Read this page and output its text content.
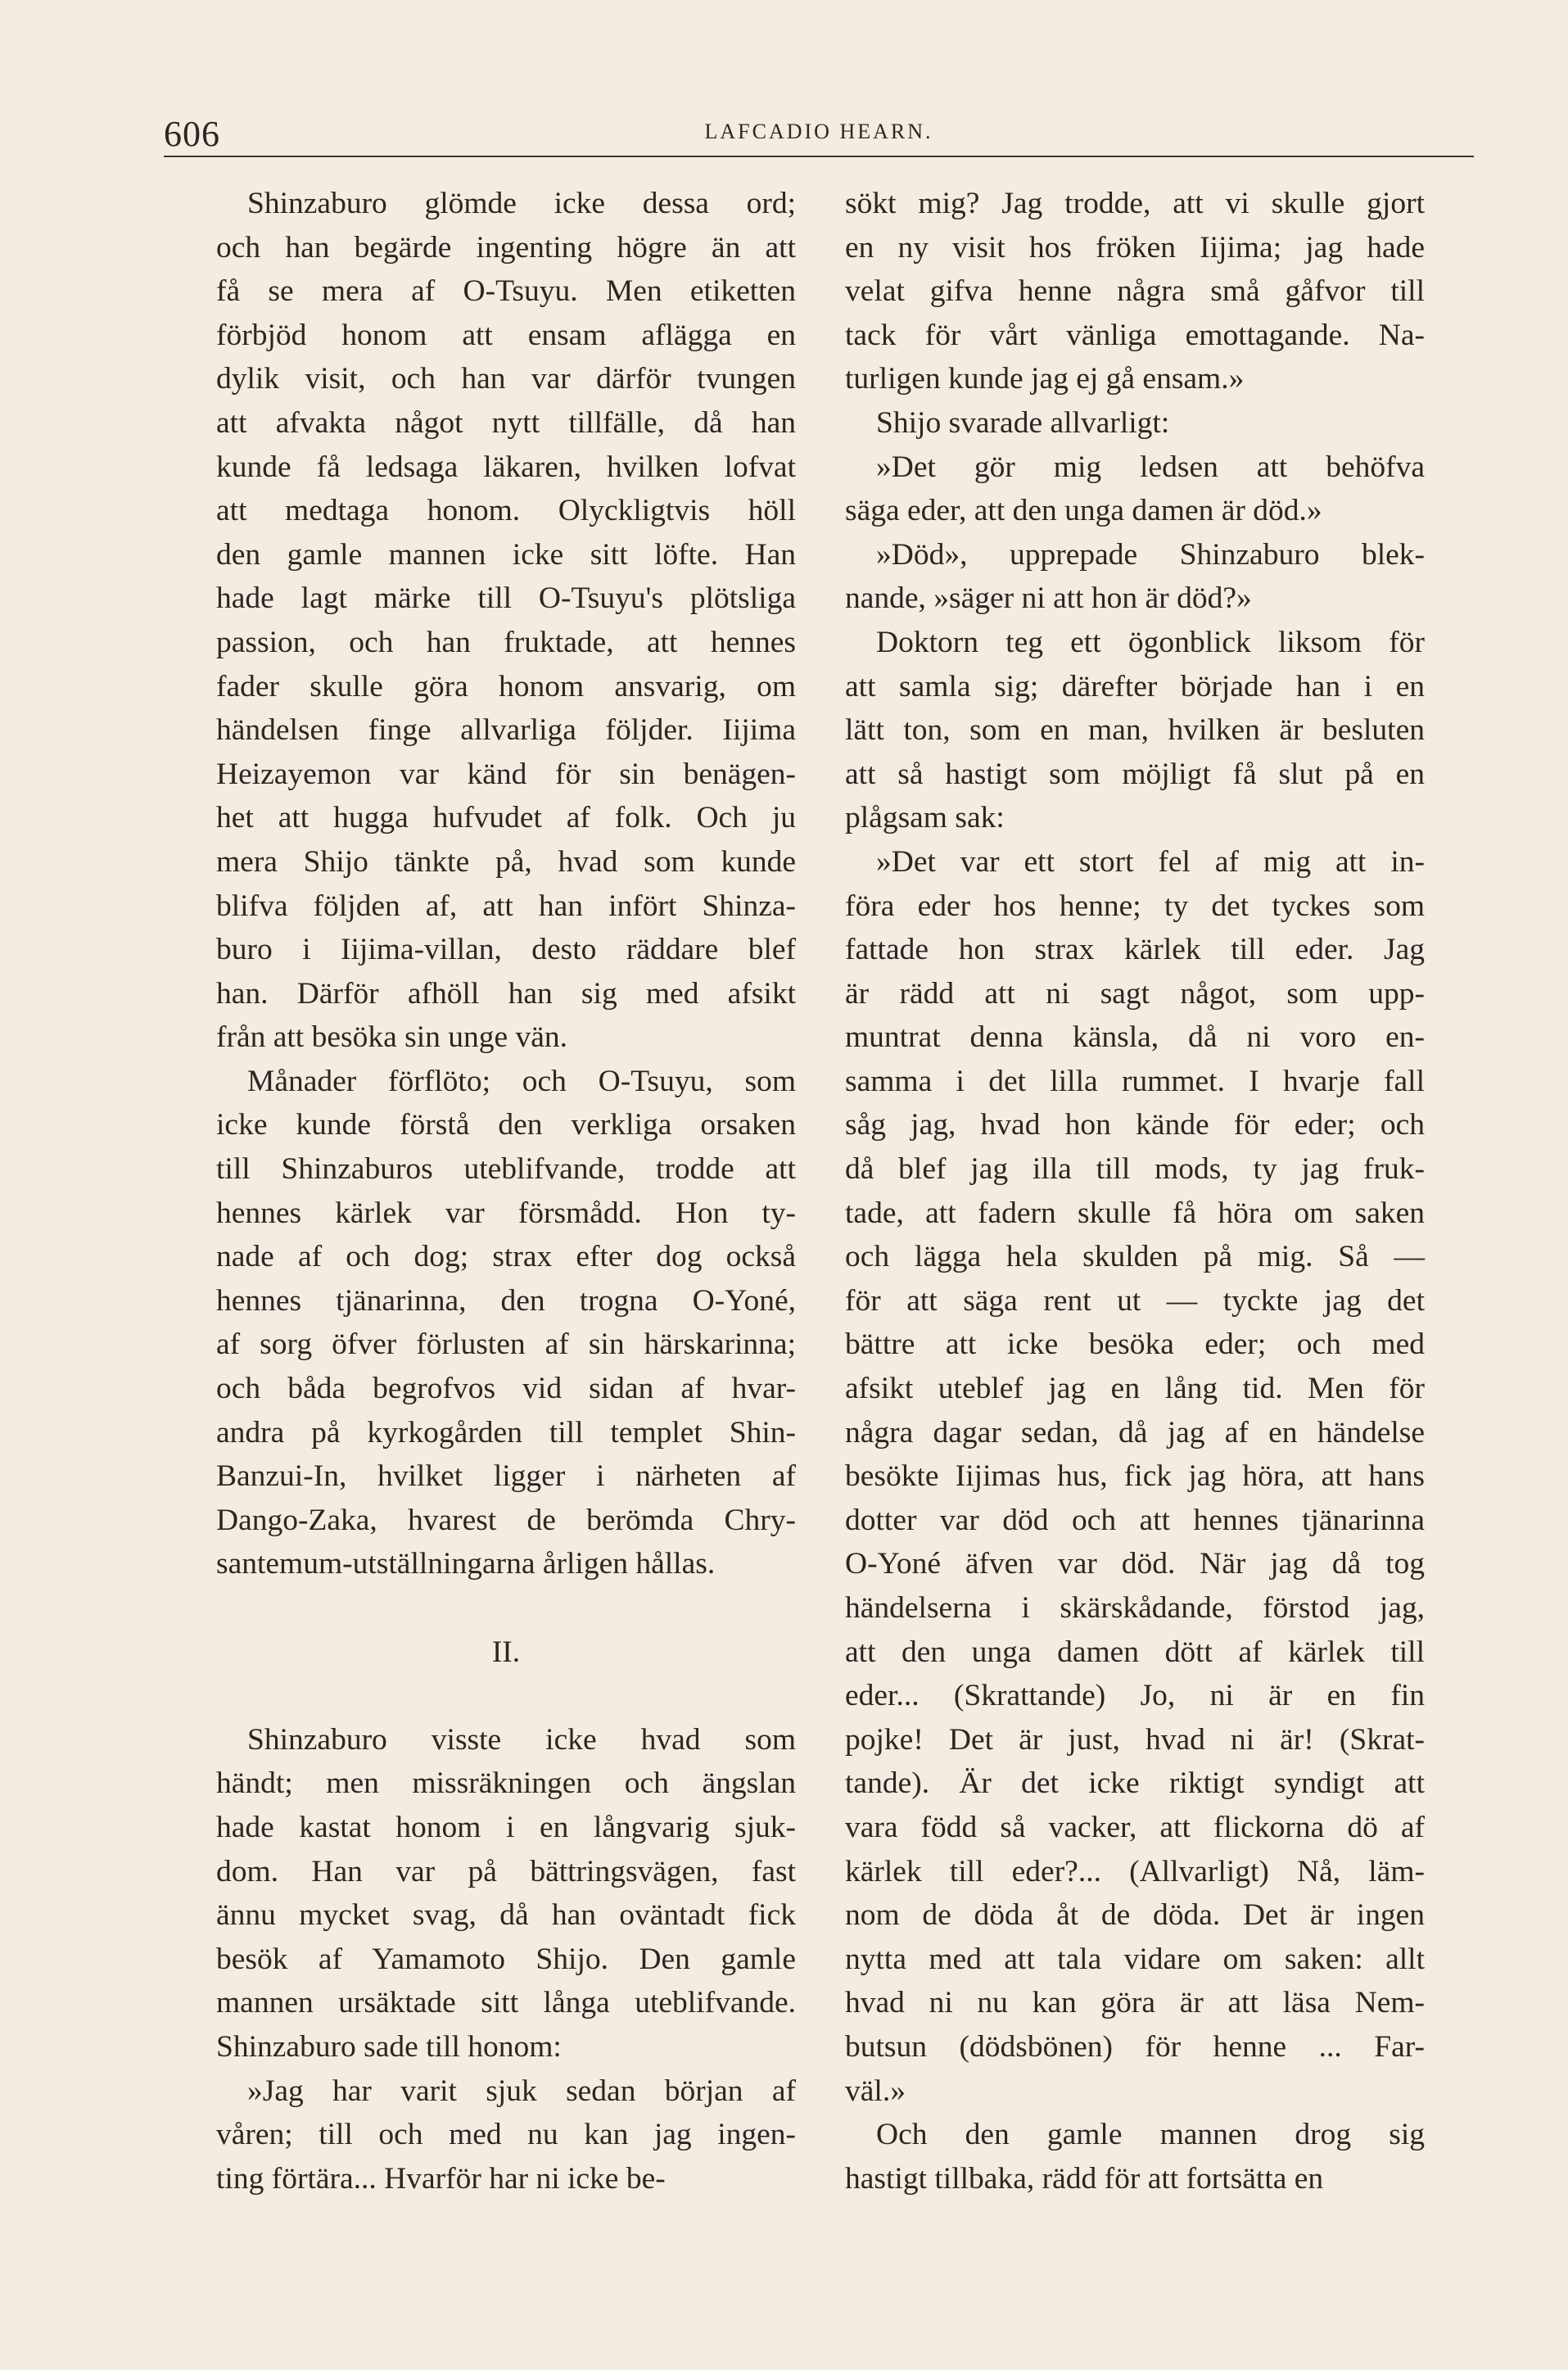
606	LAFCADIO HEARN.
Shinzaburo glömde icke dessa ord;
och han begärde ingenting högre än att
få se mera af O-Tsuyu. Men etiketten
förbjöd honom att ensam aflägga en
dylik visit, och han var därför tvungen
att afvakta något nytt tillfälle, då han
kunde få ledsaga läkaren, hvilken lofvat
att medtaga honom. Olyckligtvis höll
den gamle mannen icke sitt löfte. Han
hade lagt märke till O-Tsuyu's plötsliga
passion, och han fruktade, att hennes
fader skulle göra honom ansvarig, om
händelsen finge allvarliga följder. Iijima
Heizayemon var känd för sin benägen-
het att hugga hufvudet af folk. Och ju
mera Shijo tänkte på, hvad som kunde
blifva följden af, att han infört Shinza-
buro i Iijima-villan, desto räddare blef
han. Därför afhöll han sig med afsikt
från att besöka sin unge vän.
Månader förflöto; och O-Tsuyu, som
icke kunde förstå den verkliga orsaken
till Shinzaburos uteblifvande, trodde att
hennes kärlek var försmådd. Hon ty-
nade af och dog; strax efter dog också
hennes tjänarinna, den trogna O-Yoné,
af sorg öfver förlusten af sin härskarinna;
och båda begrofvos vid sidan af hvar-
andra på kyrkogården till templet Shin-
Banzui-In, hvilket ligger i närheten af
Dango-Zaka, hvarest de berömda Chry-
santemum-utställningarna årligen hållas.
II.
Shinzaburo visste icke hvad som
händt; men missräkningen och ängslan
hade kastat honom i en långvarig sjuk-
dom. Han var på bättringsvägen, fast
ännu mycket svag, då han oväntadt fick
besök af Yamamoto Shijo. Den gamle
mannen ursäktade sitt långa uteblifvande.
Shinzaburo sade till honom:
»Jag har varit sjuk sedan början af
våren; till och med nu kan jag ingen-
ting förtära... Hvarför har ni icke be-
sökt mig? Jag trodde, att vi skulle gjort
en ny visit hos fröken Iijima; jag hade
velat gifva henne några små gåfvor till
tack för vårt vänliga emottagande. Na-
turligen kunde jag ej gå ensam.»
Shijo svarade allvarligt:
»Det gör mig ledsen att behöfva
säga eder, att den unga damen är död.»
»Död», upprepade Shinzaburo blek-
nande, »säger ni att hon är död?»
Doktorn teg ett ögonblick liksom för
att samla sig; därefter började han i en
lätt ton, som en man, hvilken är besluten
att så hastigt som möjligt få slut på en
plågsam sak:
»Det var ett stort fel af mig att in-
föra eder hos henne; ty det tyckes som
fattade hon strax kärlek till eder. Jag
är rädd att ni sagt något, som upp-
muntrat denna känsla, då ni voro en-
samma i det lilla rummet. I hvarje fall
såg jag, hvad hon kände för eder; och
då blef jag illa till mods, ty jag fruk-
tade, att fadern skulle få höra om saken
och lägga hela skulden på mig. Så —
för att säga rent ut — tyckte jag det
bättre att icke besöka eder; och med
afsikt uteblef jag en lång tid. Men för
några dagar sedan, då jag af en händelse
besökte Iijimas hus, fick jag höra, att hans
dotter var död och att hennes tjänarinna
O-Yoné äfven var död. När jag då tog
händelserna i skärskådande, förstod jag,
att den unga damen dött af kärlek till
eder... (Skrattande) Jo, ni är en fin
pojke! Det är just, hvad ni är! (Skrat-
tande). Är det icke riktigt syndigt att
vara född så vacker, att flickorna dö af
kärlek till eder?... (Allvarligt) Nå, läm-
nom de döda åt de döda. Det är ingen
nytta med att tala vidare om saken: allt
hvad ni nu kan göra är att läsa Nem-
butsun (dödsbönen) för henne ... Far-
väl.»
Och den gamle mannen drog sig
hastigt tillbaka, rädd för att fortsätta en
